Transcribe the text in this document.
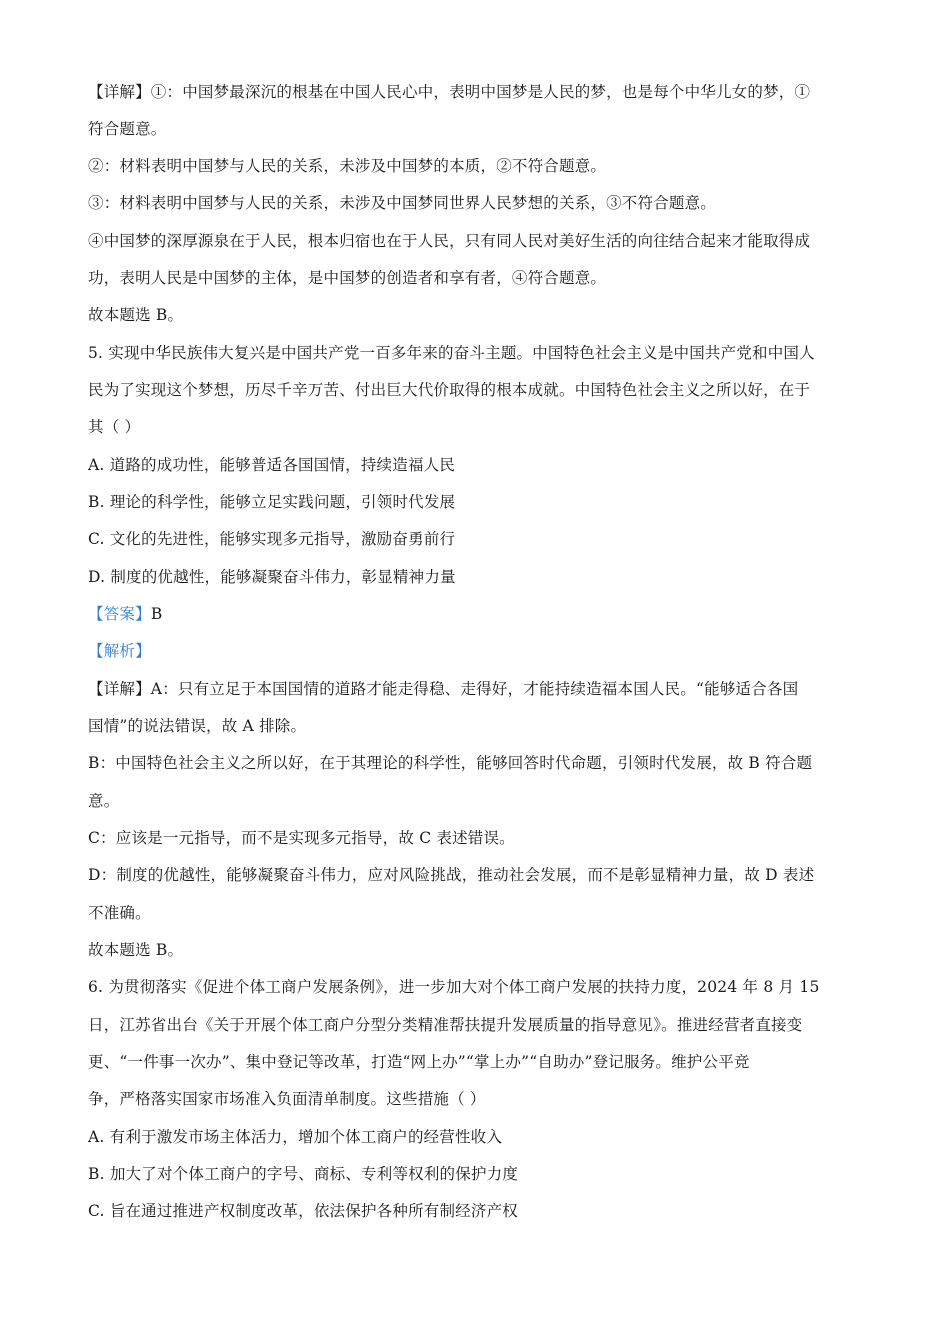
【详解】①：中国梦最深沉的根基在中国人民心中，表明中国梦是人民的梦，也是每个中华儿女的梦，①
符合题意。
②：材料表明中国梦与人民的关系，未涉及中国梦的本质，②不符合题意。
③：材料表明中国梦与人民的关系，未涉及中国梦同世界人民梦想的关系，③不符合题意。
④中国梦的深厚源泉在于人民，根本归宿也在于人民，只有同人民对美好生活的向往结合起来才能取得成
功，表明人民是中国梦的主体，是中国梦的创造者和享有者，④符合题意。
故本题选 B。
5. 实现中华民族伟大复兴是中国共产党一百多年来的奋斗主题。中国特色社会主义是中国共产党和中国人
民为了实现这个梦想，历尽千辛万苦、付出巨大代价取得的根本成就。中国特色社会主义之所以好，在于
其（ ）
A. 道路的成功性，能够普适各国国情，持续造福人民
B. 理论的科学性，能够立足实践问题，引领时代发展
C. 文化的先进性，能够实现多元指导，激励奋勇前行
D. 制度的优越性，能够凝聚奋斗伟力，彰显精神力量
【答案】B
【解析】
【详解】A：只有立足于本国国情的道路才能走得稳、走得好，才能持续造福本国人民。“能够适合各国
国情”的说法错误，故 A 排除。
B：中国特色社会主义之所以好，在于其理论的科学性，能够回答时代命题，引领时代发展，故 B 符合题
意。
C：应该是一元指导，而不是实现多元指导，故 C 表述错误。
D：制度的优越性，能够凝聚奋斗伟力，应对风险挑战，推动社会发展，而不是彰显精神力量，故 D 表述
不准确。
故本题选 B。
6. 为贯彻落实《促进个体工商户发展条例》，进一步加大对个体工商户发展的扶持力度，2024 年 8 月 15
日，江苏省出台《关于开展个体工商户分型分类精准帮扶提升发展质量的指导意见》。推进经营者直接变
更、“一件事一次办”、集中登记等改革，打造“网上办”“掌上办”“自助办”登记服务。维护公平竞
争，严格落实国家市场准入负面清单制度。这些措施（ ）
A. 有利于激发市场主体活力，增加个体工商户的经营性收入
B. 加大了对个体工商户的字号、商标、专利等权利的保护力度
C. 旨在通过推进产权制度改革，依法保护各种所有制经济产权
